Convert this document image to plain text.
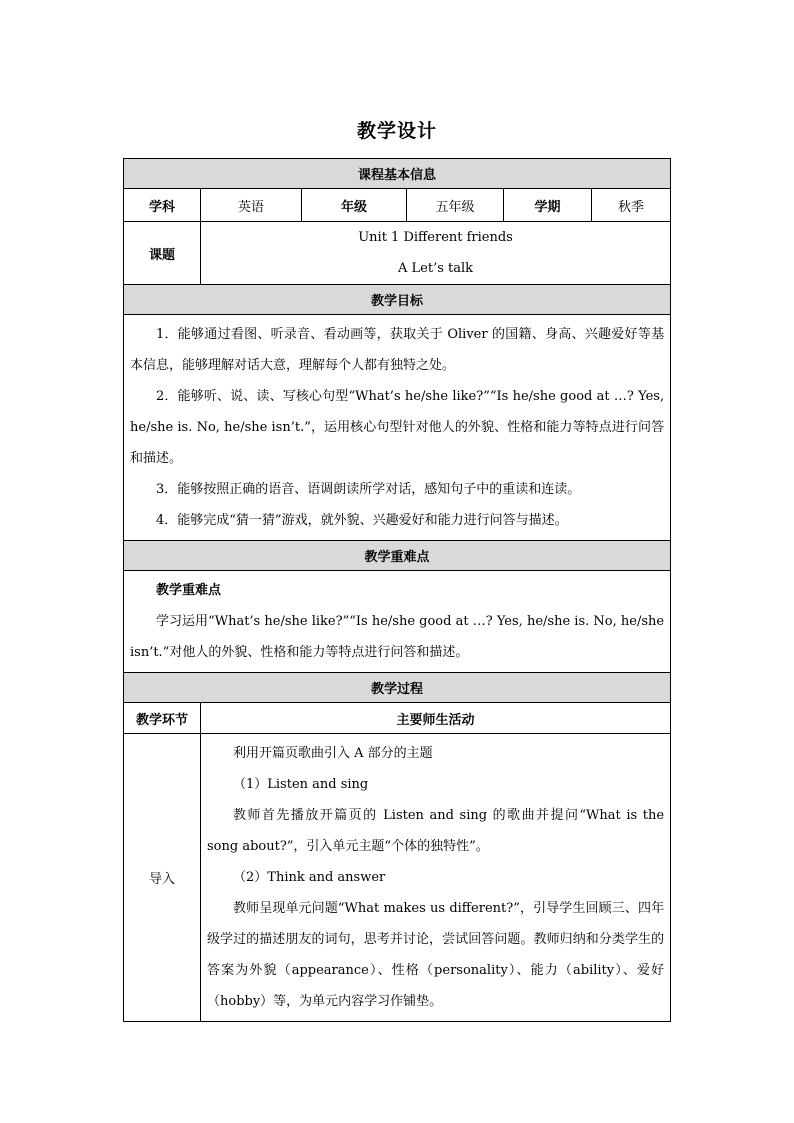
教学设计
课程基本信息					
学科	英语	年级	五年级	学期	秋季
课题	Unit 1 Different friends
A Let’s talk				

教学目标					

1．能够通过看图、听录音、看动画等，获取关于 Oliver 的国籍、身高、兴趣爱好等基本信息，能够理解对话大意，理解每个人都有独特之处。

2．能够听、说、读、写核心句型“What’s he/she like?”“Is he/she good at …? Yes, he/she is. No, he/she isn’t.”，运用核心句型针对他人的外貌、性格和能力等特点进行问答和描述。

3．能够按照正确的语音、语调朗读所学对话，感知句子中的重读和连读。

4．能够完成“猜一猜”游戏，就外貌、兴趣爱好和能力进行问答与描述。					

教学重难点					

教学重难点

学习运用“What’s he/she like?”“Is he/she good at …? Yes, he/she is. No, he/she isn’t.”对他人的外貌、性格和能力等特点进行问答和描述。					

教学过程					
教学环节	主要师生活动				
导入	利用开篇页歌曲引入 A 部分的主题

（1）Listen and sing

教师首先播放开篇页的 Listen and sing 的歌曲并提问“What is the song about?”，引入单元主题“个体的独特性”。

（2）Think and answer

教师呈现单元问题“What makes us different?”，引导学生回顾三、四年级学过的描述朋友的词句，思考并讨论，尝试回答问题。教师归纳和分类学生的答案为外貌（appearance）、性格（personality）、能力（ability）、爱好（hobby）等，为单元内容学习作铺垫。				
